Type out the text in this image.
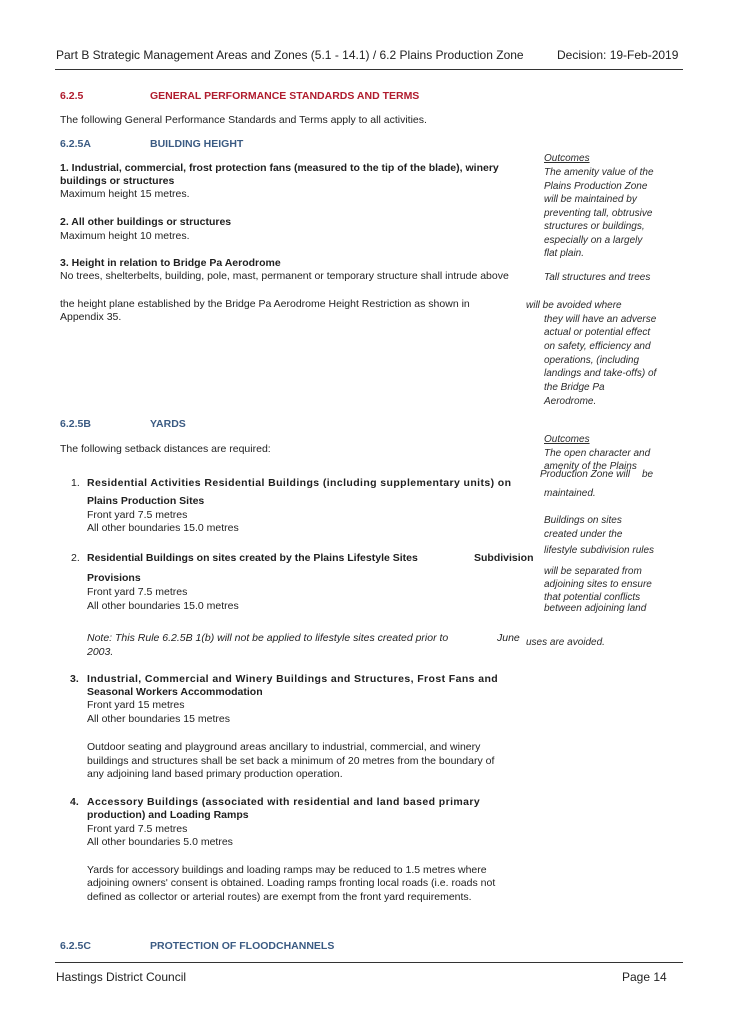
Part B Strategic Management Areas and Zones (5.1 - 14.1) / 6.2 Plains Production Zone	Decision: 19-Feb-2019
6.2.5	GENERAL PERFORMANCE STANDARDS AND TERMS
The following General Performance Standards and Terms apply to all activities.
6.2.5A	BUILDING HEIGHT
1. Industrial, commercial, frost protection fans (measured to the tip of the blade), winery
buildings or structures
Maximum height 15 metres.
2. All other buildings or structures
Maximum height 10 metres.
3. Height in relation to Bridge Pa Aerodrome
No trees, shelterbelts, building, pole, mast, permanent or temporary structure shall intrude above
the height plane established by the Bridge Pa Aerodrome Height Restriction as shown in
Appendix 35.
Outcomes
The amenity value of the
Plains Production Zone
will be maintained by
preventing tall, obtrusive
structures or buildings,
especially on a largely
flat plain.
Tall structures and trees
will be avoided where
they will have an adverse
actual or potential effect
on safety, efficiency and
operations, (including
landings and take-offs) of
the Bridge Pa
Aerodrome.
6.2.5B	YARDS
The following setback distances are required:
1. Residential Activities Residential Buildings (including supplementary units) on
Plains Production Sites
Front yard 7.5 metres
All other boundaries 15.0 metres
2. Residential Buildings on sites created by the Plains Lifestyle Sites	Subdivision
Provisions
Front yard 7.5 metres
All other boundaries 15.0 metres
Note: This Rule 6.2.5B 1(b) will not be applied to lifestyle sites created prior to	June
2003.
3. Industrial, Commercial and Winery Buildings and Structures, Frost Fans and
Seasonal Workers Accommodation
Front yard 15 metres
All other boundaries 15 metres
Outdoor seating and playground areas ancillary to industrial, commercial, and winery
buildings and structures shall be set back a minimum of 20 metres from the boundary of
any adjoining land based primary production operation.
4. Accessory Buildings (associated with residential and land based primary
production) and Loading Ramps
Front yard 7.5 metres
All other boundaries 5.0 metres
Yards for accessory buildings and loading ramps may be reduced to 1.5 metres where
adjoining owners' consent is obtained. Loading ramps fronting local roads (i.e. roads not
defined as collector or arterial routes) are exempt from the front yard requirements.
Outcomes
The open character and
amenity of the Plains
Production Zone will be
maintained.
Buildings on sites
created under the
lifestyle subdivision rules
will be separated from
adjoining sites to ensure
that potential conflicts
between adjoining land
uses are avoided.
6.2.5C	PROTECTION OF FLOODCHANNELS
Hastings District Council	Page 14
